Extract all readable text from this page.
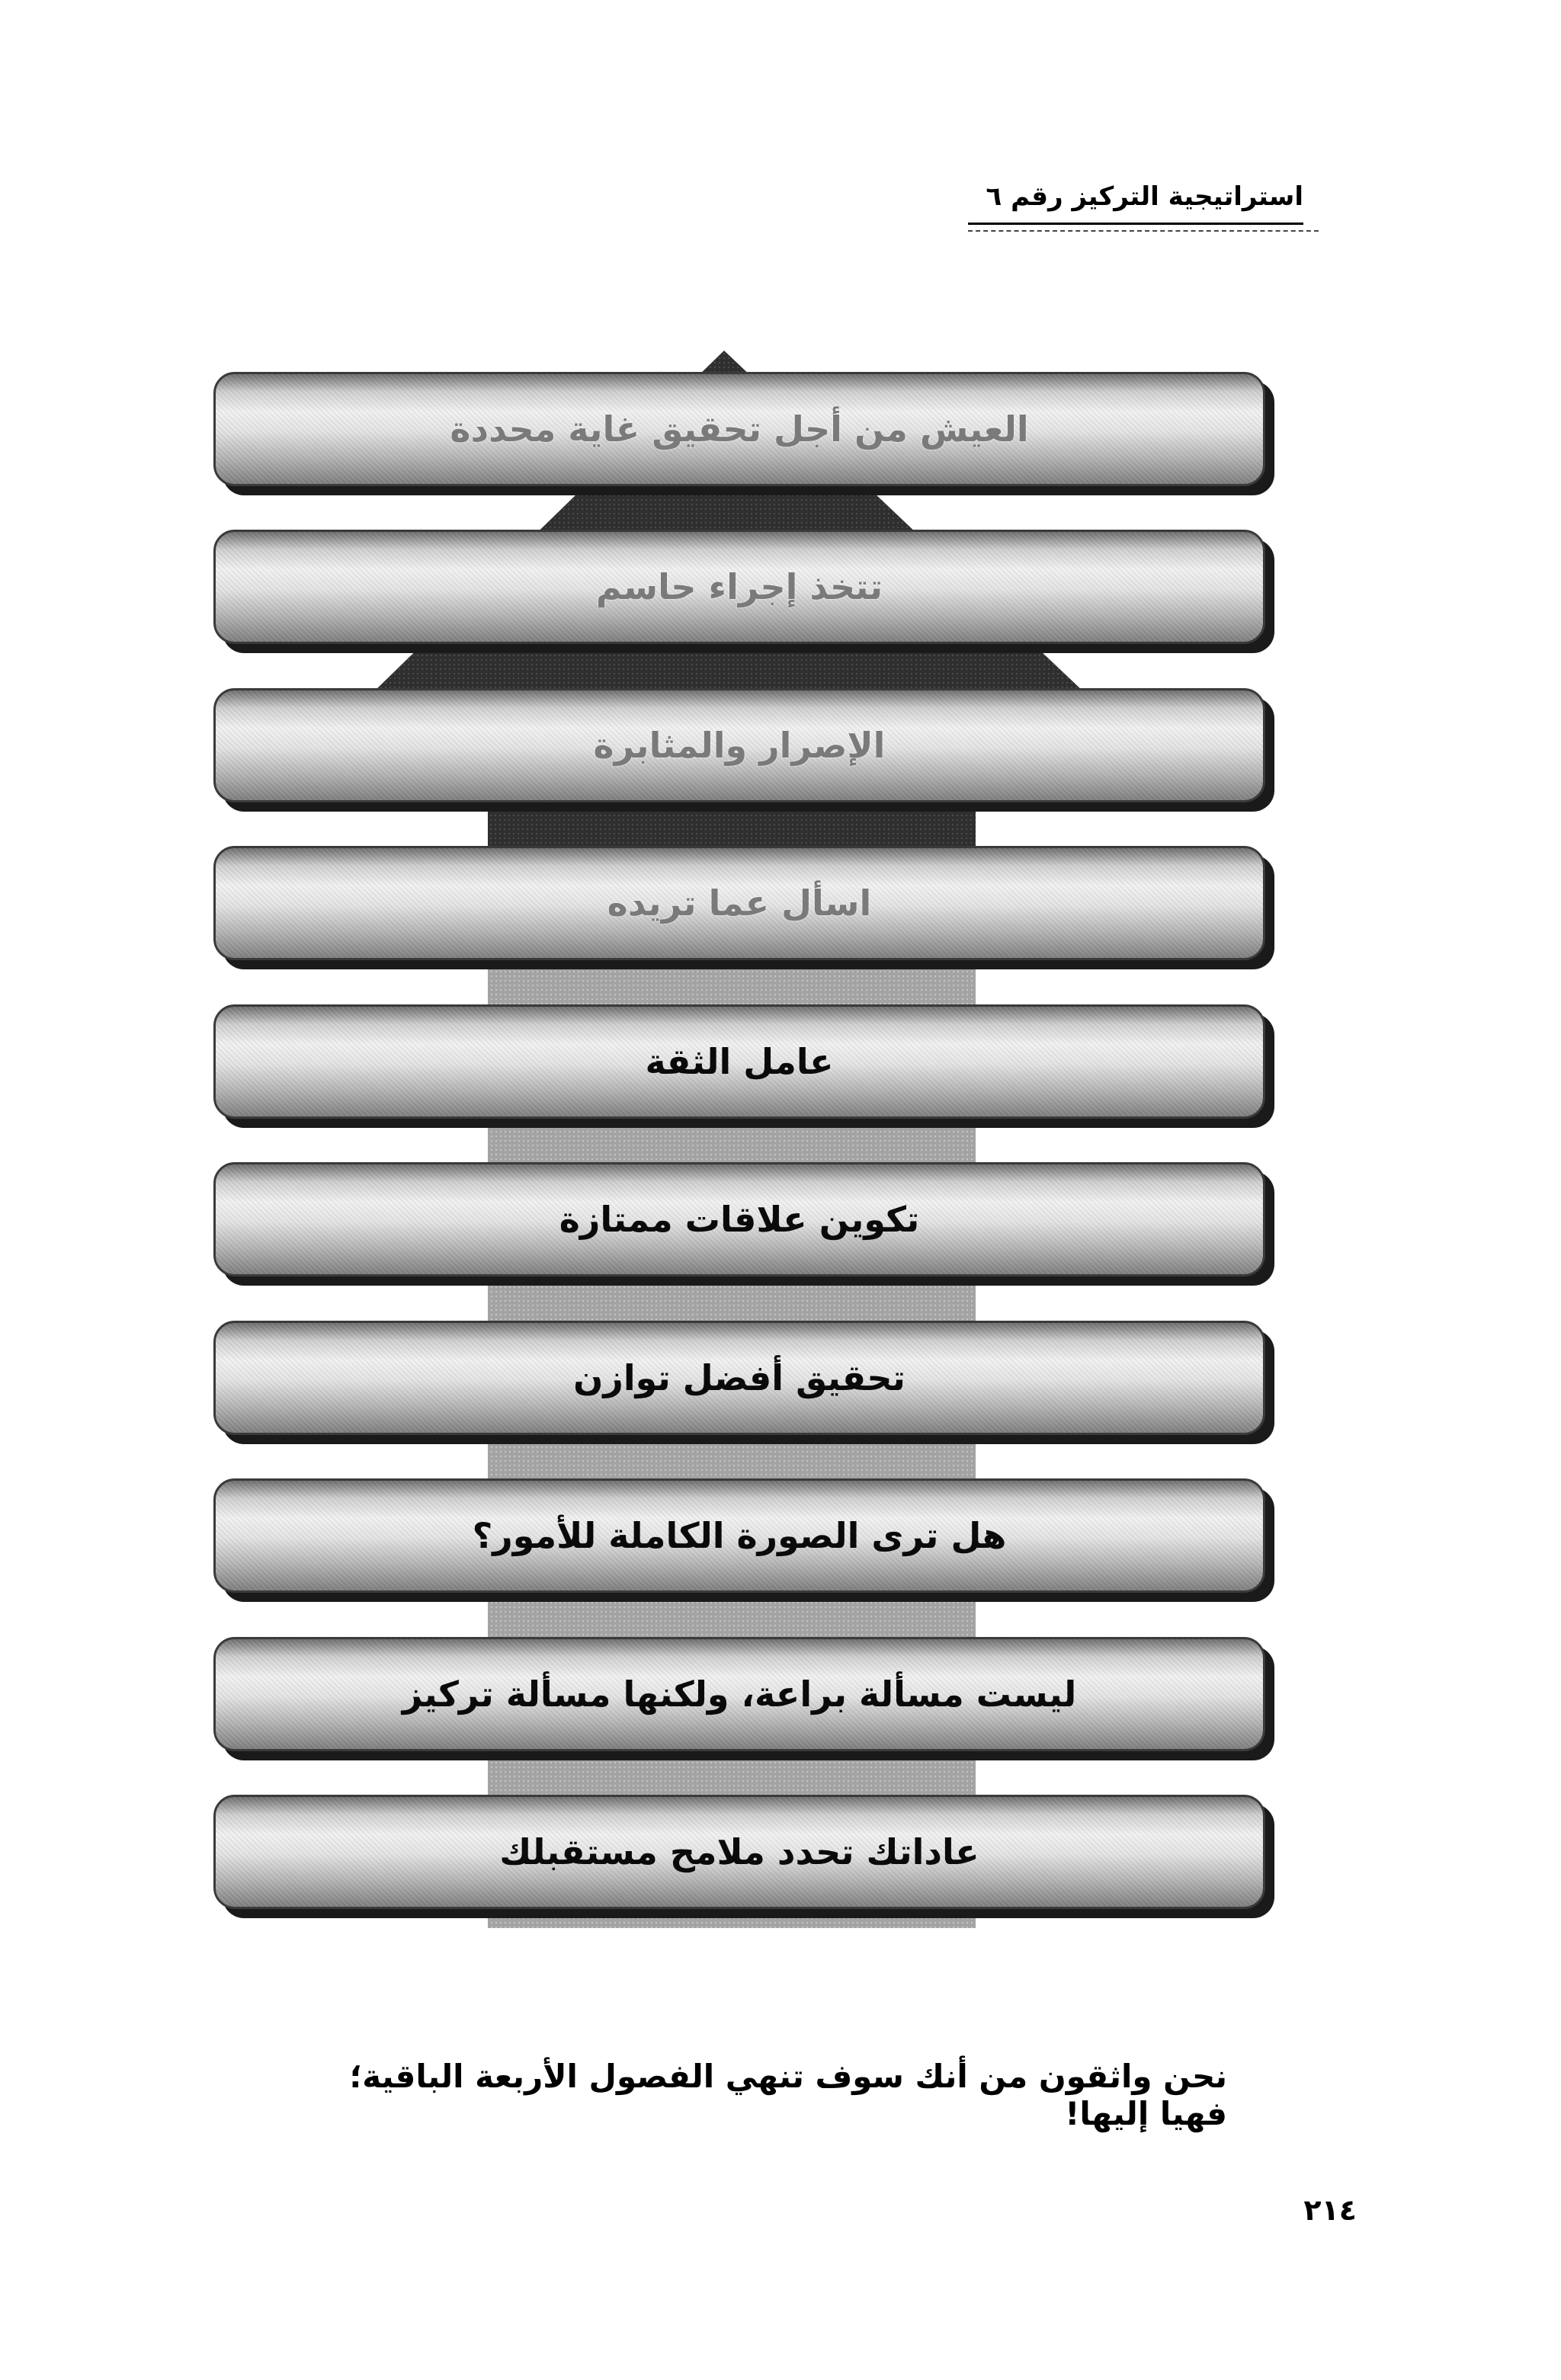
استراتيجية التركيز رقم ٦
العيش من أجل تحقيق غاية محددة
تتخذ إجراء حاسم
الإصرار والمثابرة
اسأل عما تريده
عامل الثقة
تكوين علاقات ممتازة
تحقيق أفضل توازن
هل ترى الصورة الكاملة للأمور؟
ليست مسألة براعة، ولكنها مسألة تركيز
عاداتك تحدد ملامح مستقبلك
نحن واثقون من أنك سوف تنهي الفصول الأربعة الباقية؛ فهيا إليها!
٢١٤
